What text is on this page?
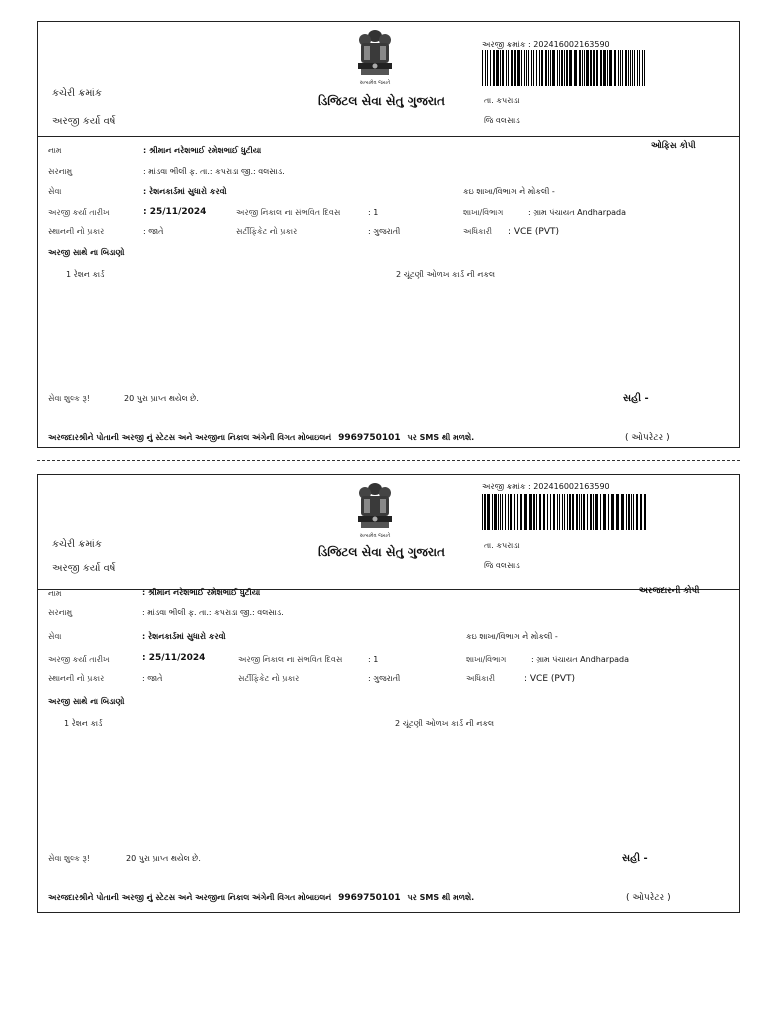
સત્યમેવ જયતે
કચેરી ક્રમાંક
અરજી કર્યા વર્ષ
ડિજિટલ સેવા સેતુ ગુજરાત
અરજી ક્રમાંક : 202416002163590
તા. કપરાડા
જિ વલસાડ
ઓફિસ કોપી
નામ	: શ્રીમાન નરેશભાઈ રમેશભાઈ ધુટીયા
સરનામુ	: માંડવા ભીલી ફ. તા.: કપરાડા જી.: વલસાડ.
સેવા	: રેશનકાર્ડમાં સુધારો કરવો	કઇ શાખા/વિભાગ ને મોકલી -
અરજી કર્યા તારીખ	: 25/11/2024	અરજી નિકાલ ના સંભવિત દિવસ	: 1	શાખા/વિભાગ	: ગ્રામ પંચાયત Andharpada
સ્થાનની નો પ્રકાર	: જાતે	સર્ટીફિકેટ નો પ્રકાર	: ગુજરાતી	અધિકારી : VCE (PVT)
અરજી સાથે ના બિડાણો
1 રેશન કાર્ડ	2 ચૂંટણી ઓળખ કાર્ડ ની નકલ
સેવા શુલ્ક રૂ!	20 પુરા પ્રાપ્ત થયેલ છે.	સહી -
અરજદારશ્રીને પોતાની અરજી નું સ્ટેટસ અને અરજીના નિકાલ અંગેની વિગત મોબાઇલનં 9969750101 પર SMS થી મળશે.	( ઓપરેટર )
સત્યમેવ જયતે
કચેરી ક્રમાંક
અરજી કર્યા વર્ષ
ડિજિટલ સેવા સેતુ ગુજરાત
અરજી ક્રમાંક : 202416002163590
તા. કપરાડા
જિ વલસાડ
અરજદારની કોપી
નામ	: શ્રીમાન નરેશભાઈ રમેશભાઈ ધુટીયા
સરનામુ	: માંડવા ભીલી ફ. તા.: કપરાડા જી.: વલસાડ.
સેવા	: રેશનકાર્ડમાં સુધારો કરવો	કઇ શાખા/વિભાગ ને મોકલી -
અરજી કર્યા તારીખ	: 25/11/2024	અરજી નિકાલ ના સંભવિત દિવસ	: 1	શાખા/વિભાગ	: ગ્રામ પંચાયત Andharpada
સ્થાનની નો પ્રકાર	: જાતે	સર્ટીફિકેટ નો પ્રકાર	: ગુજરાતી	અધિકારી	: VCE (PVT)
અરજી સાથે ના બિડાણો
1 રેશન કાર્ડ	2 ચૂંટણી ઓળખ કાર્ડ ની નકલ
સેવા શુલ્ક રૂ!	20 પુરા પ્રાપ્ત થયેલ છે.	સહી -
અરજદારશ્રીને પોતાની અરજી નું સ્ટેટસ અને અરજીના નિકાલ અંગેની વિગત મોબાઇલનં 9969750101 પર SMS થી મળશે.	( ઓપરેટર )
